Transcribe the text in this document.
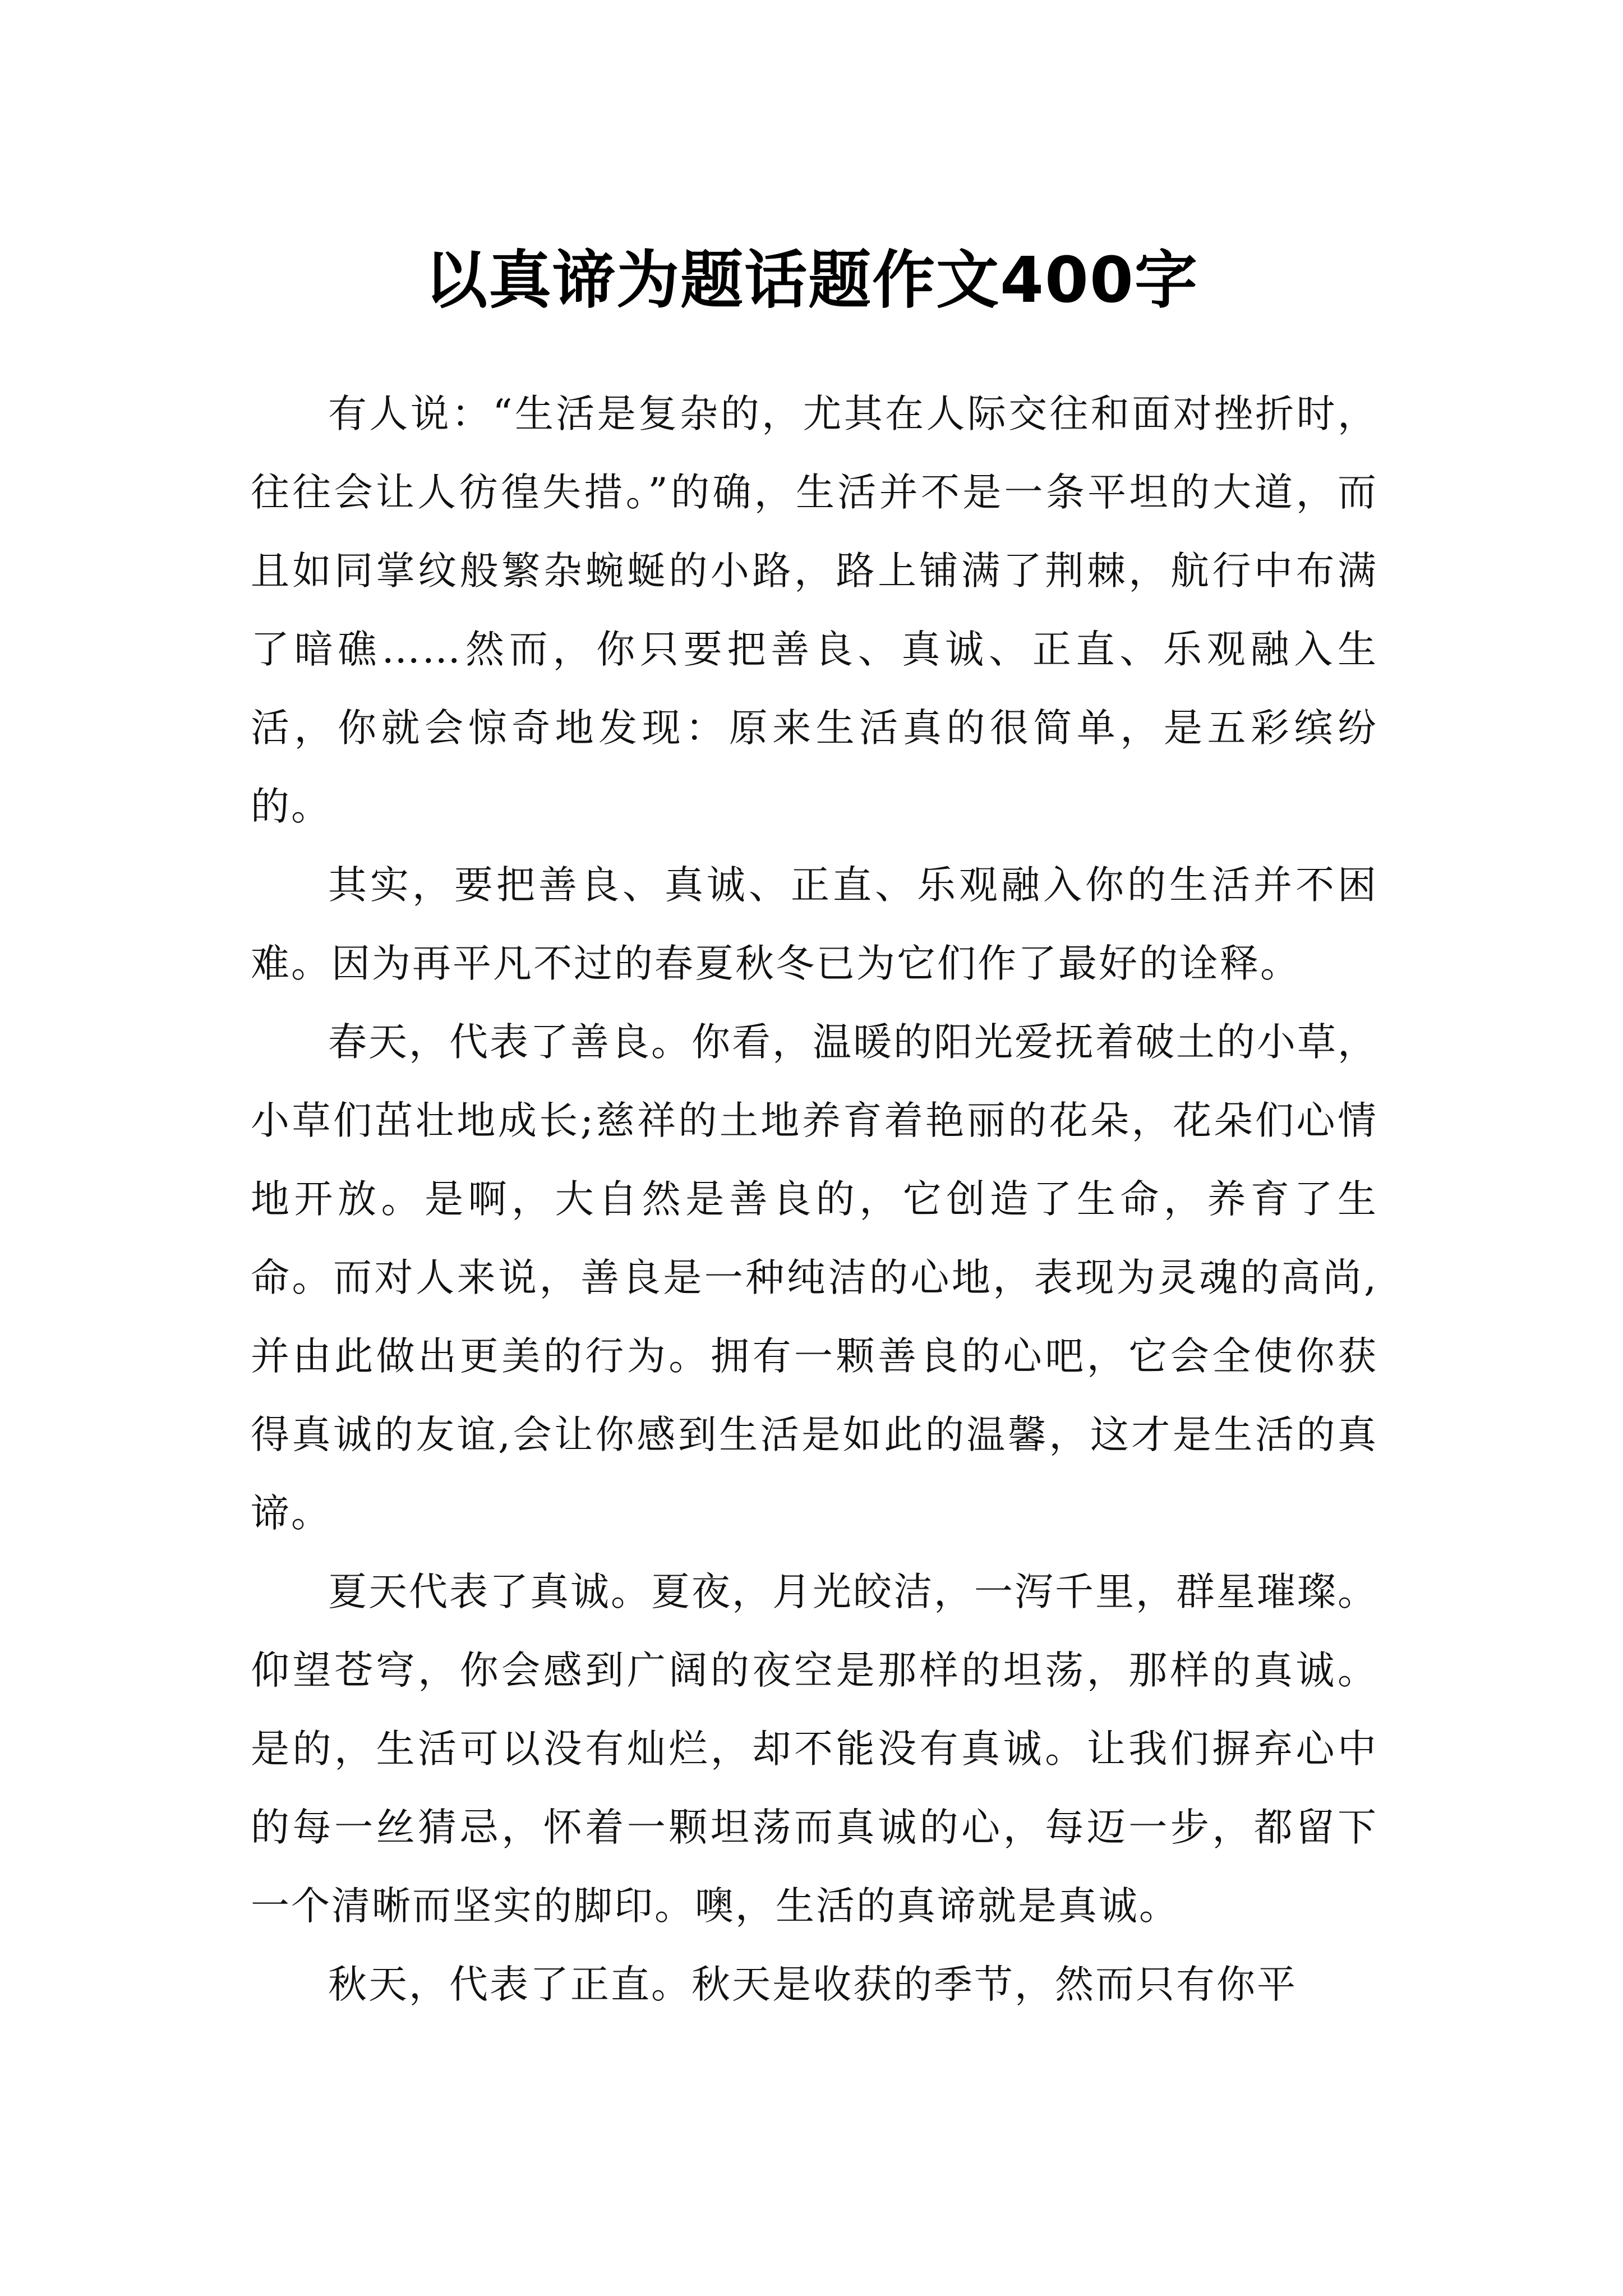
以真谛为题话题作文400字

有人说：“生活是复杂的，尤其在人际交往和面对挫折时，往往会让人彷徨失措。”的确，生活并不是一条平坦的大道，而且如同掌纹般繁杂蜿蜒的小路，路上铺满了荆棘，航行中布满了暗礁……然而，你只要把善良、真诚、正直、乐观融入生活，你就会惊奇地发现：原来生活真的很简单，是五彩缤纷的。

其实，要把善良、真诚、正直、乐观融入你的生活并不困难。因为再平凡不过的春夏秋冬已为它们作了最好的诠释。

春天，代表了善良。你看，温暖的阳光爱抚着破土的小草，小草们茁壮地成长;慈祥的土地养育着艳丽的花朵，花朵们心情地开放。是啊，大自然是善良的，它创造了生命，养育了生命。而对人来说，善良是一种纯洁的心地，表现为灵魂的高尚,并由此做出更美的行为。拥有一颗善良的心吧，它会全使你获得真诚的友谊,会让你感到生活是如此的温馨，这才是生活的真谛。

夏天代表了真诚。夏夜，月光皎洁，一泻千里，群星璀璨。仰望苍穹，你会感到广阔的夜空是那样的坦荡，那样的真诚。是的，生活可以没有灿烂，却不能没有真诚。让我们摒弃心中的每一丝猜忌，怀着一颗坦荡而真诚的心，每迈一步，都留下一个清晰而坚实的脚印。噢，生活的真谛就是真诚。

秋天，代表了正直。秋天是收获的季节，然而只有你平
